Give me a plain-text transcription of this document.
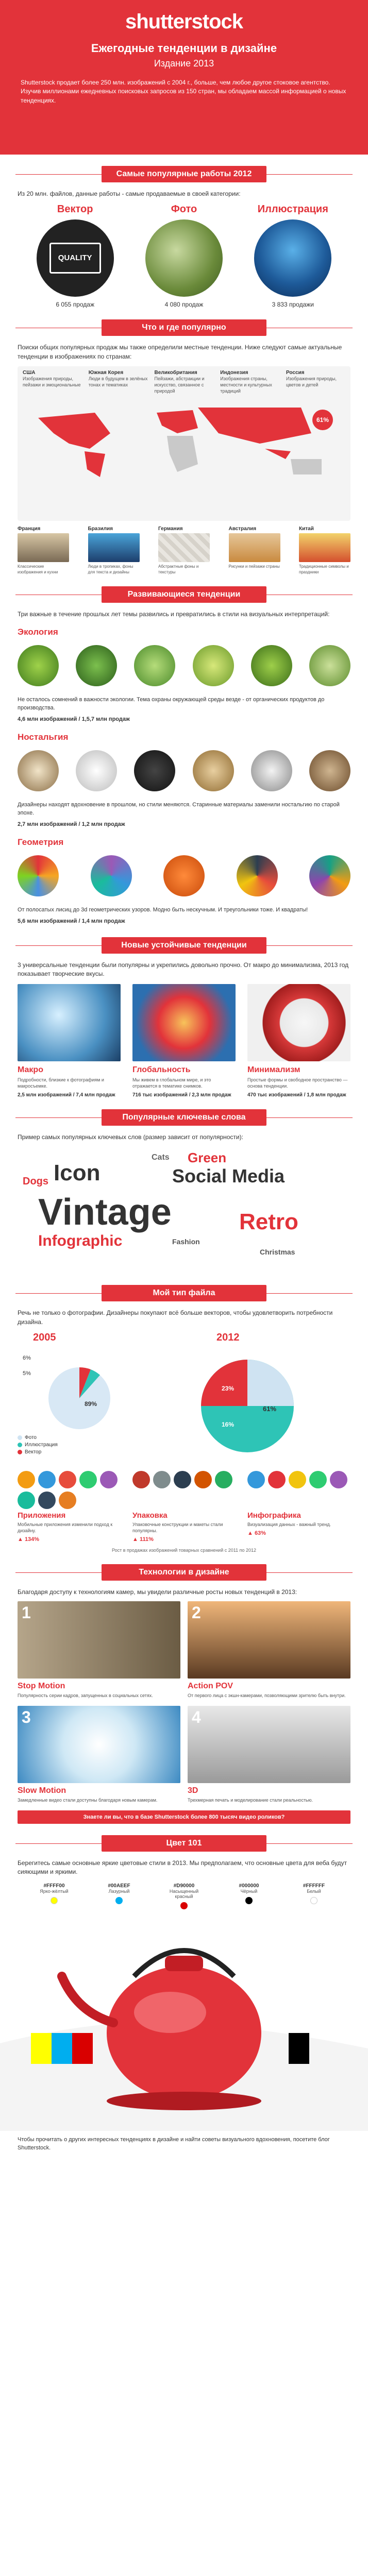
shutterstock
Ежегодные тенденции в дизайне
Издание 2013
Shutterstock продает более 250 млн. изображений с 2004 г., больше, чем любое другое стоковое агентство. Изучив миллионами ежедневных поисковых запросов из 150 стран, мы обладаем массой информацией о новых тенденциях.
Самые популярные работы 2012
Из 20 млн. файлов, данные работы - самые продаваемые в своей категории:
Вектор
QUALITY
6 055 продаж
Фото
4 080 продаж
Иллюстрация
3 833 продажи
Что и где популярно
Поиски общих популярных продаж мы также определили местные тенденции. Ниже следуют самые актуальные тенденции в изображениях по странам:
США
Изображения природы, пейзажи и эмоциональные
Южная Корея
Люди в будущем в зелёных тонах и тематиках
Великобритания
Пейзажи, абстракции и искусство, связанное с природой
Индонезия
Изображения страны, местности и культурных традиций
Россия
Изображения природы, цветов и детей
61%
Франция
Классические изображения и кухни
Бразилия
Люди в тропиках, фоны для текста и дизайны
Германия
Абстрактные фоны и текстуры
Австралия
Рисунки и пейзажи страны
Китай
Традиционные символы и праздники
Развивающиеся тенденции
Три важные в течение прошлых лет темы развились и превратились в стили на визуальных интерпретаций:
Экология
Не осталось сомнений в важности экологии. Тема охраны окружающей среды везде - от органических продуктов до производства.
4,6 млн изображений / 1,5,7 млн продаж
Ностальгия
Дизайнеры находят вдохновение в прошлом, но стили меняются. Старинные материалы заменили ностальгию по старой эпохе.
2,7 млн изображений / 1,2 млн продаж
Геометрия
От полосатых лисиц до 3d геометрических узоров. Модно быть нескучным. И треугольники тоже. И квадраты!
5,6 млн изображений / 1,4 млн продаж
Новые устойчивые тенденции
3 универсальные тенденции были популярны и укрепились довольно прочно. От макро до минимализма, 2013 год показывает творческие вкусы.
Макро
Подробности, близкие к фотографиям и макросъемке.
2,5 млн изображений / 7,4 млн продаж
Глобальность
Мы живем в глобальном мире, и это отражается в тематике снимков.
716 тыс изображений / 2,3 млн продаж
Минимализм
Простые формы и свободное пространство — основа тенденции.
470 тыс изображений / 1,8 млн продаж
Популярные ключевые слова
Пример самых популярных ключевых слов (размер зависит от популярности):
Icon
Green
Social Media
Vintage	Retro
Infographic
Dogs
Cats
Fashion
Christmas
Мой тип файла
Речь не только о фотографии. Дизайнеры покупают всё больше векторов, чтобы удовлетворить потребности дизайна.
2005	2012
89%
6%
5%
61%
23%
16%
Фото
Иллюстрация
Вектор
Приложения
Мобильные приложения изменили подход к дизайну.
▲ 134%
Упаковка
Упаковочные конструкции и макеты стали популярны.
▲ 111%
Инфографика
Визуализация данных - важный тренд.
▲ 63%
Рост в продажах изображений товарных сравнений с 2011 по 2012
Технологии в дизайне
Благодаря доступу к технологиям камер, мы увидели различные росты новых тенденций в 2013:
1
Stop Motion
Популярность серии кадров, запущенных в социальных сетях.
2
Action POV
От первого лица с экшн-камерами, позволяющими зрителю быть внутри.
3
Slow Motion
Замедленные видео стали доступны благодаря новым камерам.
4
3D
Трехмерная печать и моделирование стали реальностью.
Знаете ли вы, что в базе Shutterstock более 800 тысяч видео роликов?
Цвет 101
Берегитесь самые основные яркие цветовые стили в 2013. Мы предполагаем, что основные цвета для веба будут сияющими и яркими.
#FFFF00
Ярко-жёлтый
#00AEEF
Лазурный
#D90000
Насыщенный красный
#000000
Чёрный
#FFFFFF
Белый
Чтобы прочитать о других интересных тенденциях в дизайне и найти советы визуального вдохновения, посетите блог Shutterstock.
